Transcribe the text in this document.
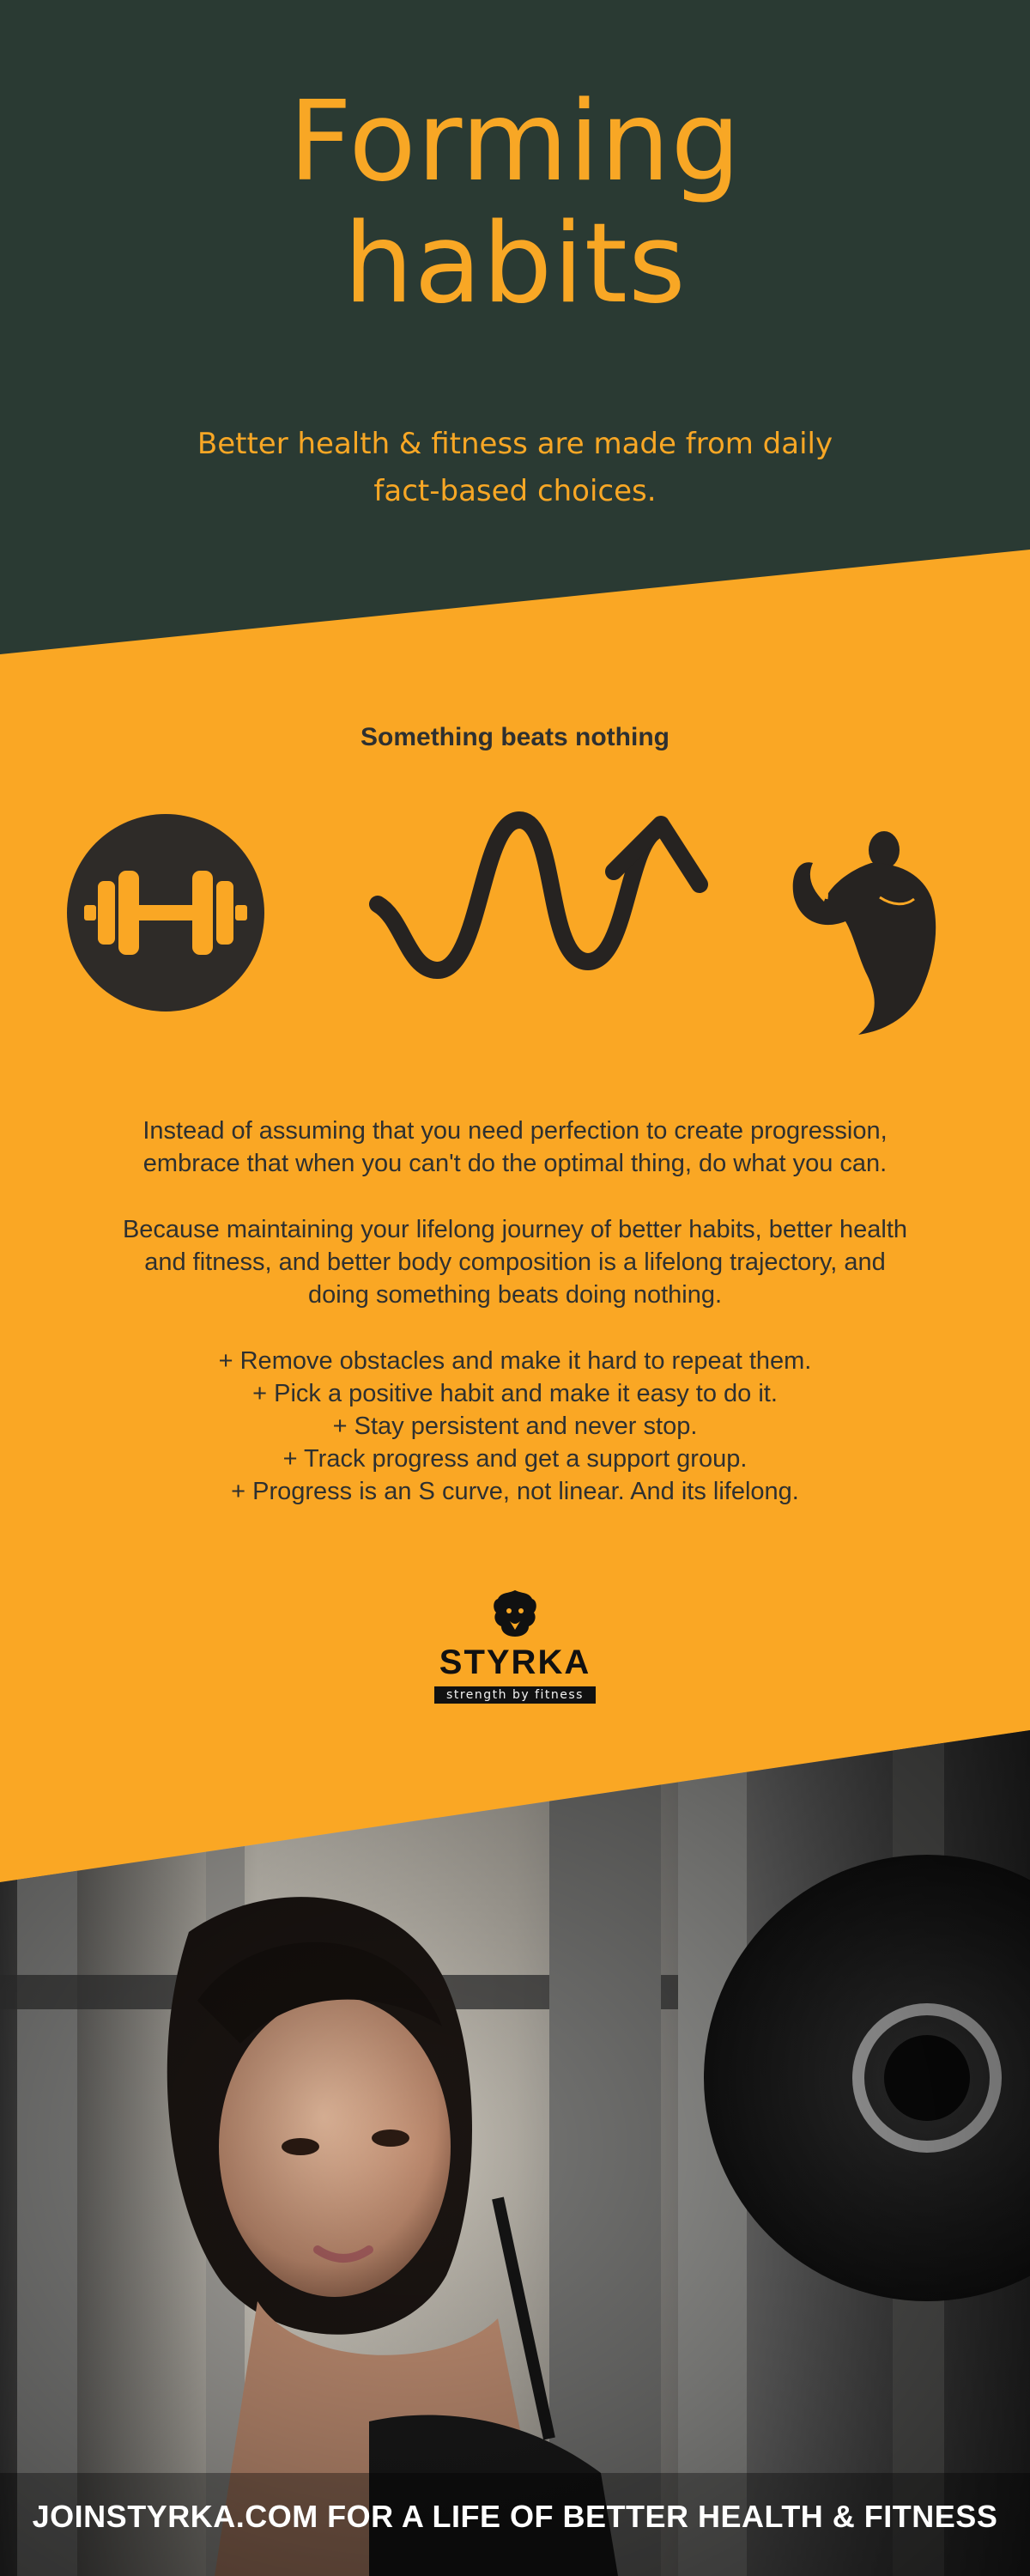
Forming
habits

Better health & fitness are made from daily
fact-based choices.

Something beats nothing

Instead of assuming that you need perfection to create progression,
embrace that when you can't do the optimal thing, do what you can.

Because maintaining your lifelong journey of better habits, better health
and fitness, and better body composition is a lifelong trajectory, and
doing something beats doing nothing.

+ Remove obstacles and make it hard to repeat them.
+ Pick a positive habit and make it easy to do it.
+ Stay persistent and never stop.
+ Track progress and get a support group.
+ Progress is an S curve, not linear. And its lifelong.
STYRKA
strength by fitness

JOINSTYRKA.COM FOR A LIFE OF BETTER HEALTH & FITNESS
